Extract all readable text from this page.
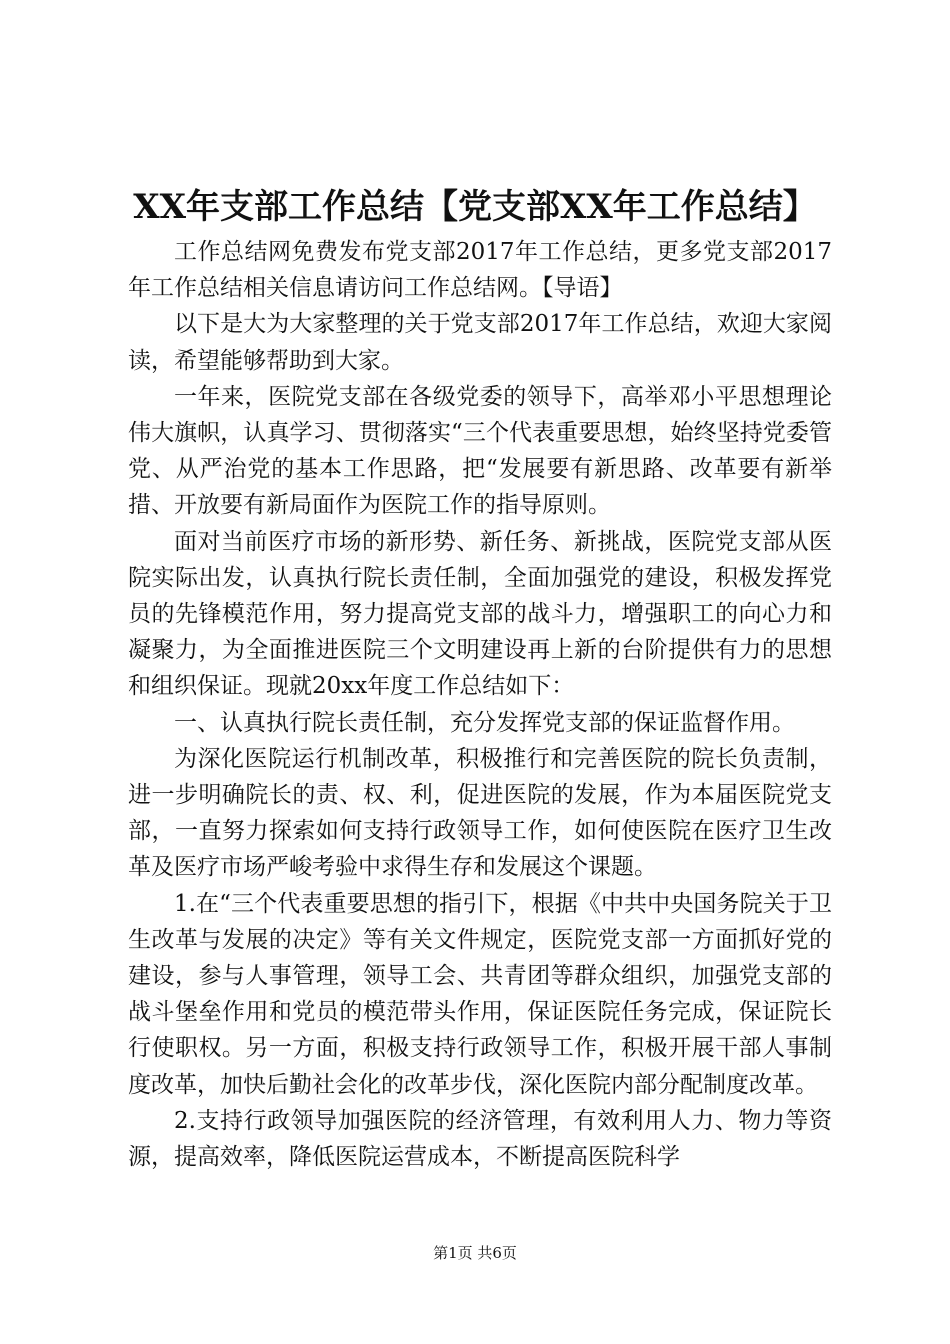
XX年支部工作总结【党支部XX年工作总结】

工作总结网免费发布党支部2017年工作总结，更多党支部2017年工作总结相关信息请访问工作总结网。【导语】

以下是大为大家整理的关于党支部2017年工作总结，欢迎大家阅读，希望能够帮助到大家。

一年来，医院党支部在各级党委的领导下，高举邓小平思想理论伟大旗帜，认真学习、贯彻落实“三个代表重要思想，始终坚持党委管党、从严治党的基本工作思路，把“发展要有新思路、改革要有新举措、开放要有新局面作为医院工作的指导原则。

面对当前医疗市场的新形势、新任务、新挑战，医院党支部从医院实际出发，认真执行院长责任制，全面加强党的建设，积极发挥党员的先锋模范作用，努力提高党支部的战斗力，增强职工的向心力和凝聚力，为全面推进医院三个文明建设再上新的台阶提供有力的思想和组织保证。现就20xx年度工作总结如下：

一、认真执行院长责任制，充分发挥党支部的保证监督作用。

为深化医院运行机制改革，积极推行和完善医院的院长负责制，进一步明确院长的责、权、利，促进医院的发展，作为本届医院党支部，一直努力探索如何支持行政领导工作，如何使医院在医疗卫生改革及医疗市场严峻考验中求得生存和发展这个课题。

1.在“三个代表重要思想的指引下，根据《中共中央国务院关于卫生改革与发展的决定》等有关文件规定，医院党支部一方面抓好党的建设，参与人事管理，领导工会、共青团等群众组织，加强党支部的战斗堡垒作用和党员的模范带头作用，保证医院任务完成，保证院长行使职权。另一方面，积极支持行政领导工作，积极开展干部人事制度改革，加快后勤社会化的改革步伐，深化医院内部分配制度改革。

2.支持行政领导加强医院的经济管理，有效利用人力、物力等资源，提高效率，降低医院运营成本，不断提高医院科学

第1页 共6页
